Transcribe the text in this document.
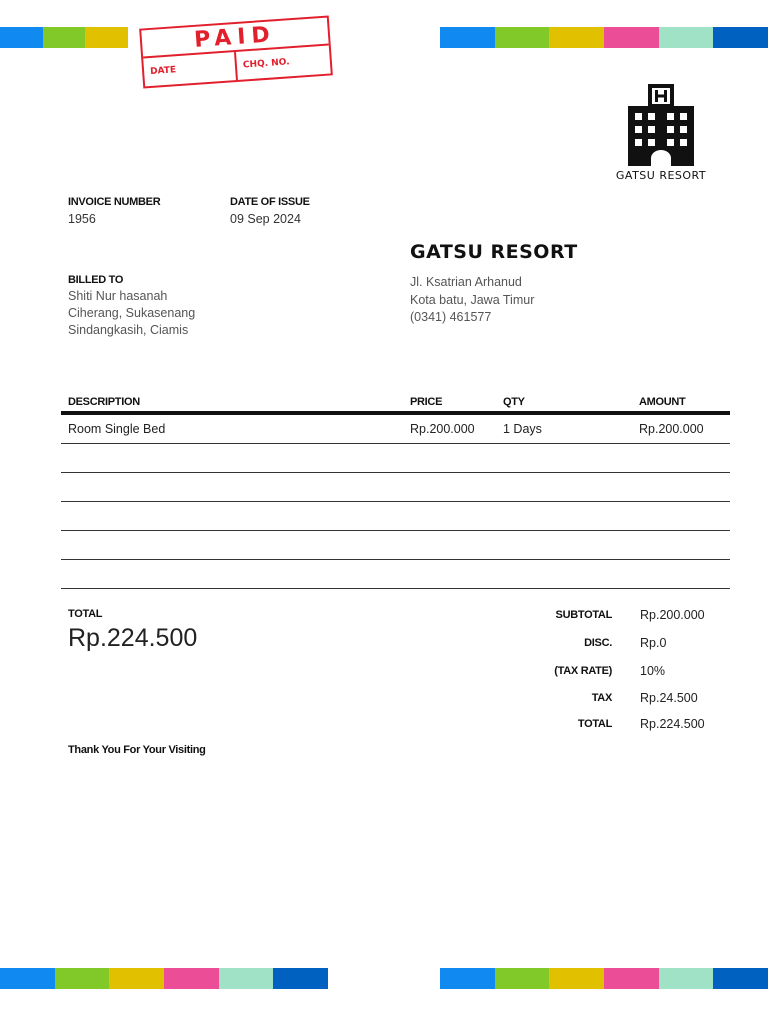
PAID
DATE
CHQ. NO.
GATSU RESORT
INVOICE NUMBER
1956
DATE OF ISSUE
09 Sep 2024
BILLED TO
Shiti Nur hasanah
Ciherang, Sukasenang
Sindangkasih, Ciamis
GATSU RESORT
Jl. Ksatrian Arhanud
Kota batu, Jawa Timur
(0341) 461577
DESCRIPTION	PRICE	QTY	AMOUNT
Room Single Bed	Rp.200.000 1 Days	Rp.200.000
TOTAL
Rp.224.500
SUBTOTAL Rp.200.000
DISC. Rp.0
(TAX RATE) 10%
TAX Rp.24.500
TOTAL Rp.224.500
Thank You For Your Visiting
